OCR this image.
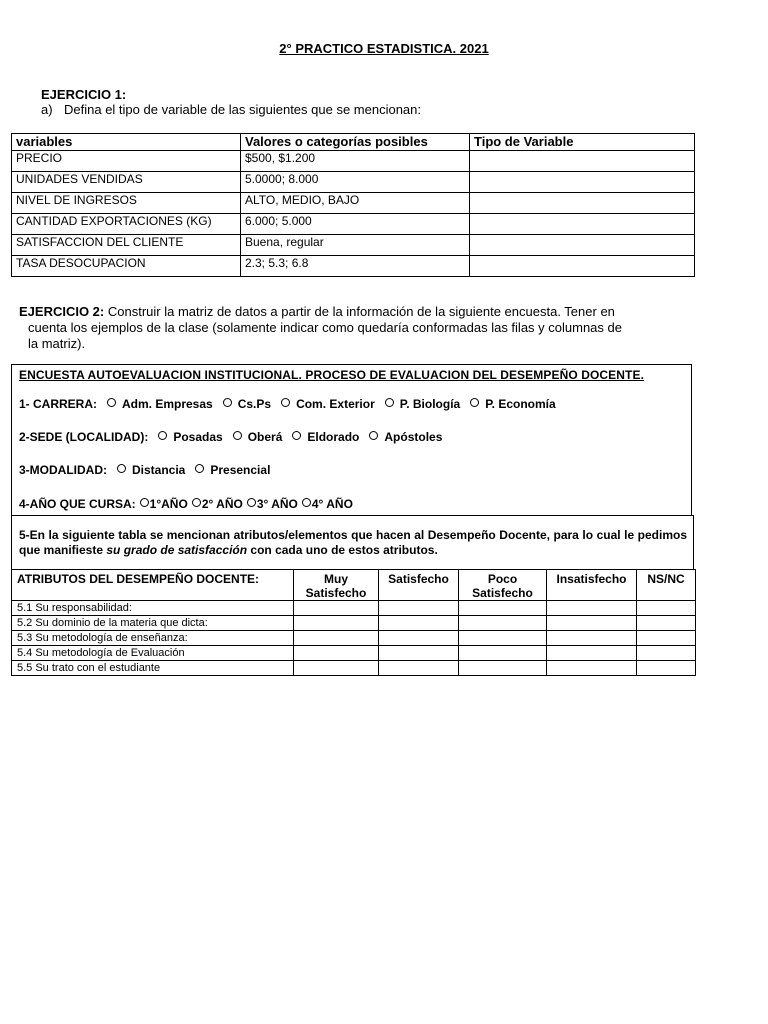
2° PRACTICO ESTADISTICA. 2021
EJERCICIO 1:
a) Defina el tipo de variable de las siguientes que se mencionan:
variables	Valores o categorías posibles	Tipo de Variable
PRECIO	$500, $1.200	
UNIDADES VENDIDAS	5.0000; 8.000	
NIVEL DE INGRESOS	ALTO, MEDIO, BAJO	
CANTIDAD EXPORTACIONES (KG)	6.000; 5.000	
SATISFACCION DEL CLIENTE	Buena, regular	
TASA DESOCUPACION	2.3; 5.3; 6.8	
EJERCICIO 2: Construir la matriz de datos a partir de la información de la siguiente encuesta. Tener en
cuenta los ejemplos de la clase (solamente indicar como quedaría conformadas las filas y columnas de
la matriz).
ENCUESTA AUTOEVALUACION INSTITUCIONAL. PROCESO DE EVALUACION DEL DESEMPEÑO DOCENTE.
1- CARRERA: Adm. Empresas Cs.Ps Com. Exterior P. Biología P. Economía
2-SEDE (LOCALIDAD): Posadas Oberá Eldorado Apóstoles
3-MODALIDAD: Distancia Presencial
4-AÑO QUE CURSA: 1°AÑO 2° AÑO 3° AÑO 4° AÑO
5-En la siguiente tabla se mencionan atributos/elementos que hacen al Desempeño Docente, para lo cual le pedimos que manifieste su grado de satisfacción con cada uno de estos atributos.
ATRIBUTOS DEL DESEMPEÑO DOCENTE:	Muy Satisfecho	Satisfecho	Poco Satisfecho	Insatisfecho	NS/NC
5.1 Su responsabilidad:					
5.2 Su dominio de la materia que dicta:					
5.3 Su metodología de enseñanza:					
5.4 Su metodología de Evaluación					
5.5 Su trato con el estudiante					
